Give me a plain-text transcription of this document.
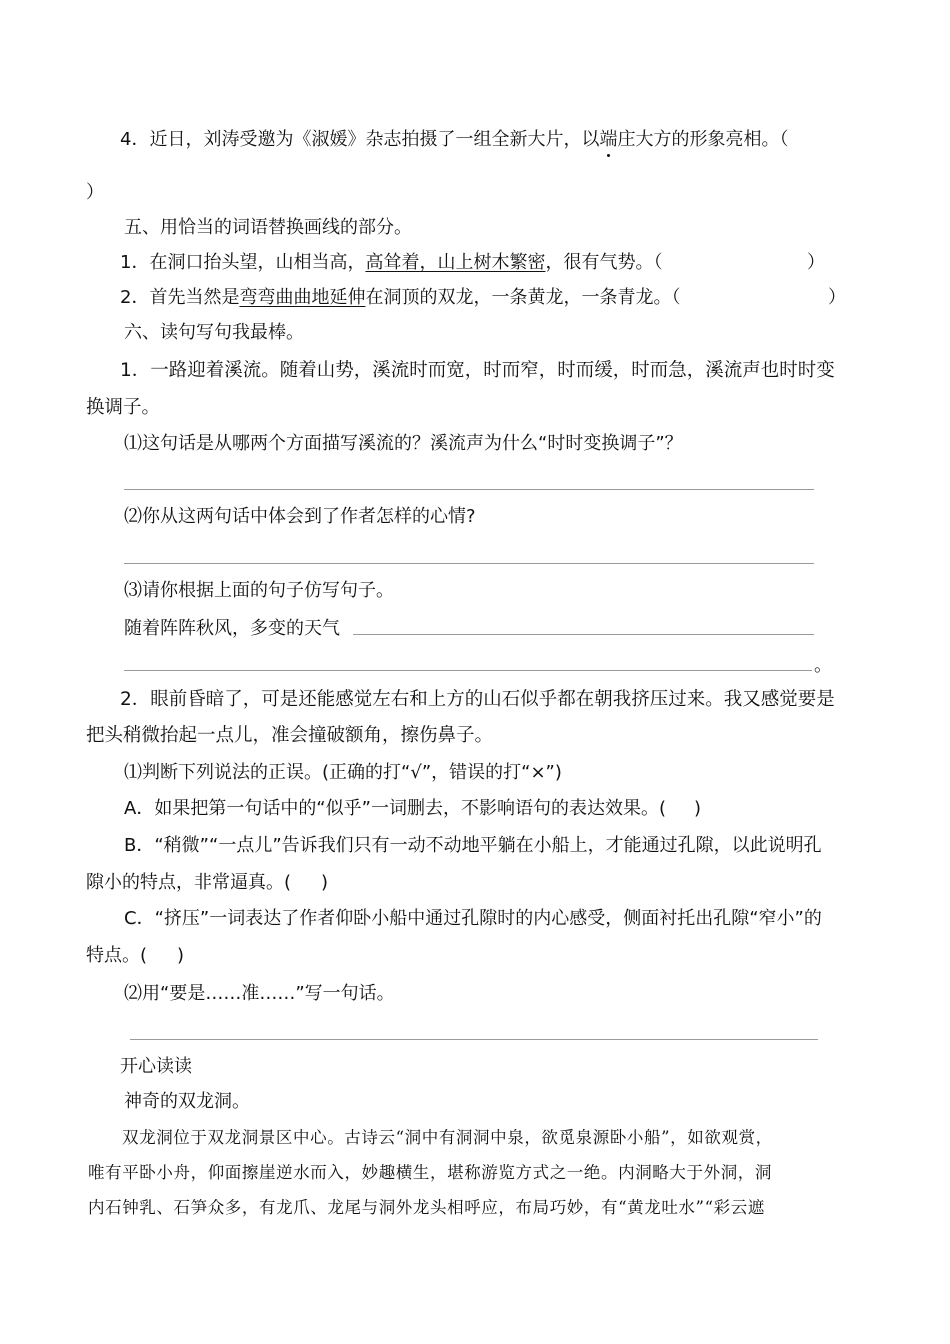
4．近日，刘涛受邀为《淑媛》杂志拍摄了一组全新大片，以端庄大方的形象亮相。（
）
五、用恰当的词语替换画线的部分。
1．在洞口抬头望，山相当高，高耸着，山上树木繁密，很有气势。（	）
2．首先当然是弯弯曲曲地延伸在洞顶的双龙，一条黄龙，一条青龙。（	）
六、读句写句我最棒。
1．一路迎着溪流。随着山势，溪流时而宽，时而窄，时而缓，时而急，溪流声也时时变
换调子。
⑴这句话是从哪两个方面描写溪流的？溪流声为什么“时时变换调子”？
⑵你从这两句话中体会到了作者怎样的心情?
⑶请你根据上面的句子仿写句子。
随着阵阵秋风，多变的天气
。
2．眼前昏暗了，可是还能感觉左右和上方的山石似乎都在朝我挤压过来。我又感觉要是
把头稍微抬起一点儿，准会撞破额角，擦伤鼻子。
⑴判断下列说法的正误。(正确的打“√”，错误的打“×”)
A．如果把第一句话中的“似乎”一词删去，不影响语句的表达效果。( )
B．“稍微”“一点儿”告诉我们只有一动不动地平躺在小船上，才能通过孔隙，以此说明孔
隙小的特点，非常逼真。( )
C．“挤压”一词表达了作者仰卧小船中通过孔隙时的内心感受，侧面衬托出孔隙“窄小”的
特点。( )
⑵用“要是……准……”写一句话。
开心读读
神奇的双龙洞。
双龙洞位于双龙洞景区中心。古诗云“洞中有洞洞中泉，欲觅泉源卧小船”，如欲观赏，
唯有平卧小舟，仰面擦崖逆水而入，妙趣横生，堪称游览方式之一绝。内洞略大于外洞，洞
内石钟乳、石笋众多，有龙爪、龙尾与洞外龙头相呼应，布局巧妙，有“黄龙吐水”“彩云遮
